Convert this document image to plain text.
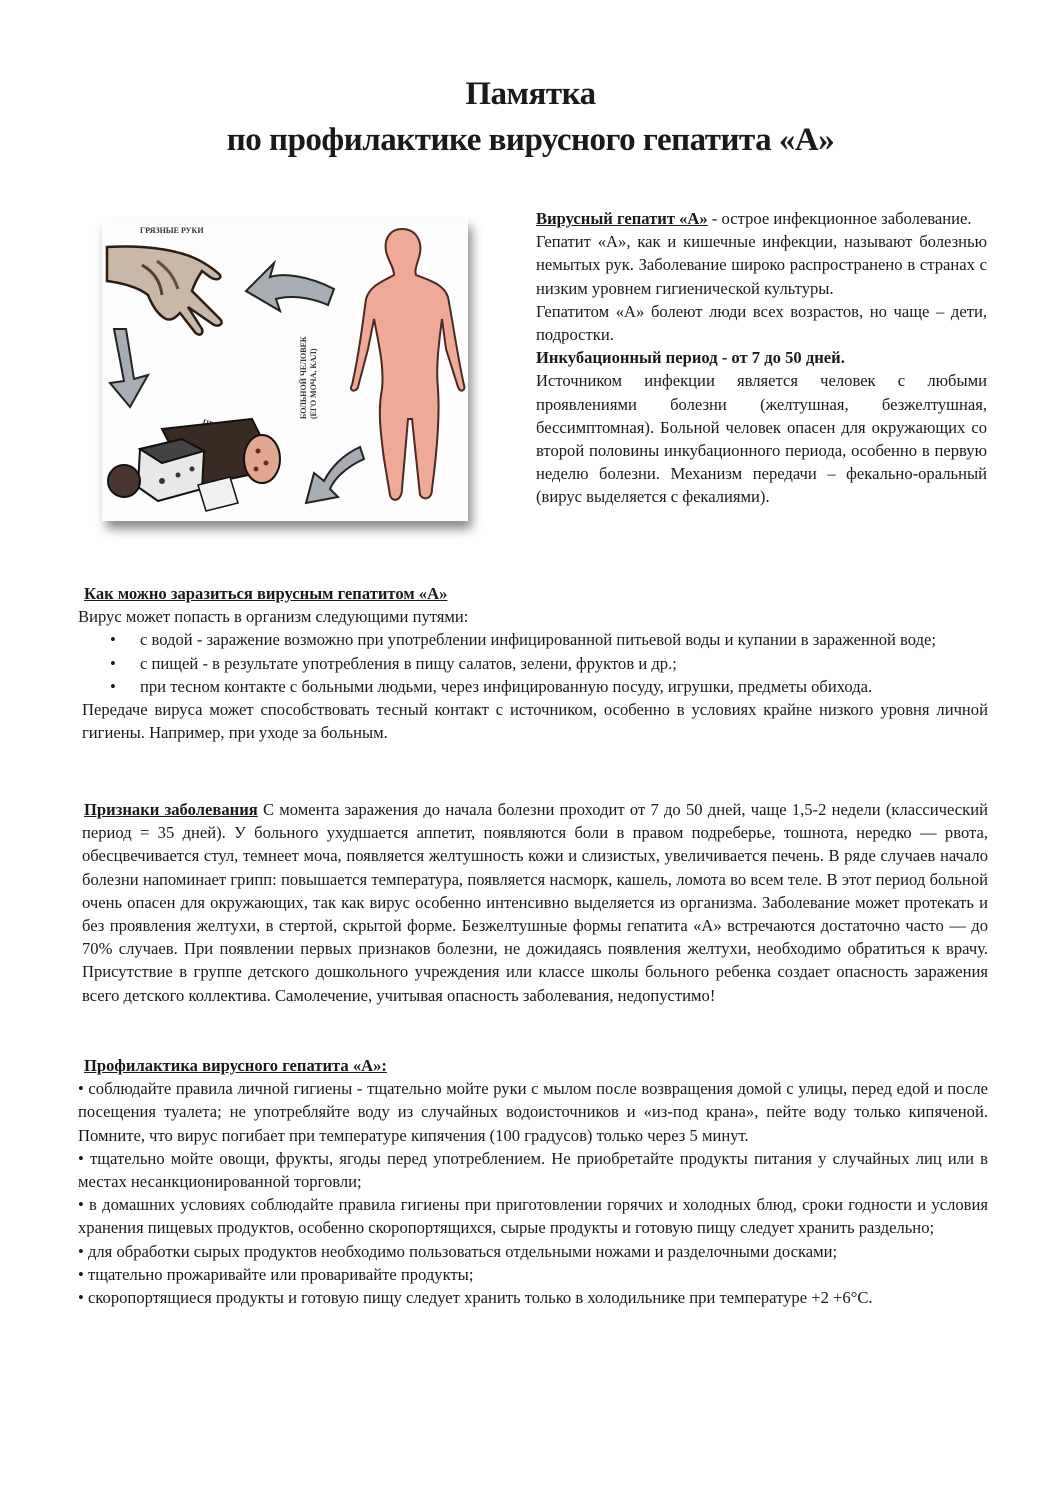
Памятка
по профилактике вирусного гепатита «А»
ГРЯЗНЫЕ РУКИ
БОЛЬНОЙ ЧЕЛОВЕК (ЕГО МОЧА, КАЛ)

Вирусный гепатит «А» - острое инфекционное заболевание.

Гепатит «А», как и кишечные инфекции, называют болезнью немытых рук. Заболевание широко распространено в странах с низким уровнем гигиенической культуры.

Гепатитом «А» болеют люди всех возрастов, но чаще – дети, подростки.

Инкубационный период - от 7 до 50 дней.

Источником инфекции является человек с любыми проявлениями болезни (желтушная, безжелтушная, бессимптомная). Больной человек опасен для окружающих со второй половины инкубационного периода, особенно в первую неделю болезни. Механизм передачи – фекально-оральный (вирус выделяется с фекалиями).

Как можно заразиться вирусным гепатитом «А»

Вирус может попасть в организм следующими путями:

• с водой - заражение возможно при употреблении инфицированной питьевой воды и купании в зараженной воде;
• с пищей - в результате употребления в пищу салатов, зелени, фруктов и др.;
• при тесном контакте с больными людьми, через инфицированную посуду, игрушки, предметы обихода.

Передаче вируса может способствовать тесный контакт с источником, особенно в условиях крайне низкого уровня личной гигиены. Например, при уходе за больным.

Признаки заболевания С момента заражения до начала болезни проходит от 7 до 50 дней, чаще 1,5-2 недели (классический период = 35 дней). У больного ухудшается аппетит, появляются боли в правом подреберье, тошнота, нередко — рвота, обесцвечивается стул, темнеет моча, появляется желтушность кожи и слизистых, увеличивается печень. В ряде случаев начало болезни напоминает грипп: повышается температура, появляется насморк, кашель, ломота во всем теле. В этот период больной очень опасен для окружающих, так как вирус особенно интенсивно выделяется из организма. Заболевание может протекать и без проявления желтухи, в стертой, скрытой форме. Безжелтушные формы гепатита «А» встречаются достаточно часто — до 70% случаев. При появлении первых признаков болезни, не дожидаясь появления желтухи, необходимо обратиться к врачу. Присутствие в группе детского дошкольного учреждения или классе школы больного ребенка создает опасность заражения всего детского коллектива. Самолечение, учитывая опасность заболевания, недопустимо!

Профилактика вирусного гепатита «А»:

• соблюдайте правила личной гигиены - тщательно мойте руки с мылом после возвращения домой с улицы, перед едой и после посещения туалета; не употребляйте воду из случайных водоисточников и «из-под крана», пейте воду только кипяченой. Помните, что вирус погибает при температуре кипячения (100 градусов) только через 5 минут.

• тщательно мойте овощи, фрукты, ягоды перед употреблением. Не приобретайте продукты питания у случайных лиц или в местах несанкционированной торговли;

• в домашних условиях соблюдайте правила гигиены при приготовлении горячих и холодных блюд, сроки годности и условия хранения пищевых продуктов, особенно скоропортящихся, сырые продукты и готовую пищу следует хранить раздельно;

• для обработки сырых продуктов необходимо пользоваться отдельными ножами и разделочными досками;

• тщательно прожаривайте или проваривайте продукты;

• скоропортящиеся продукты и готовую пищу следует хранить только в холодильнике при температуре +2 +6°С.
